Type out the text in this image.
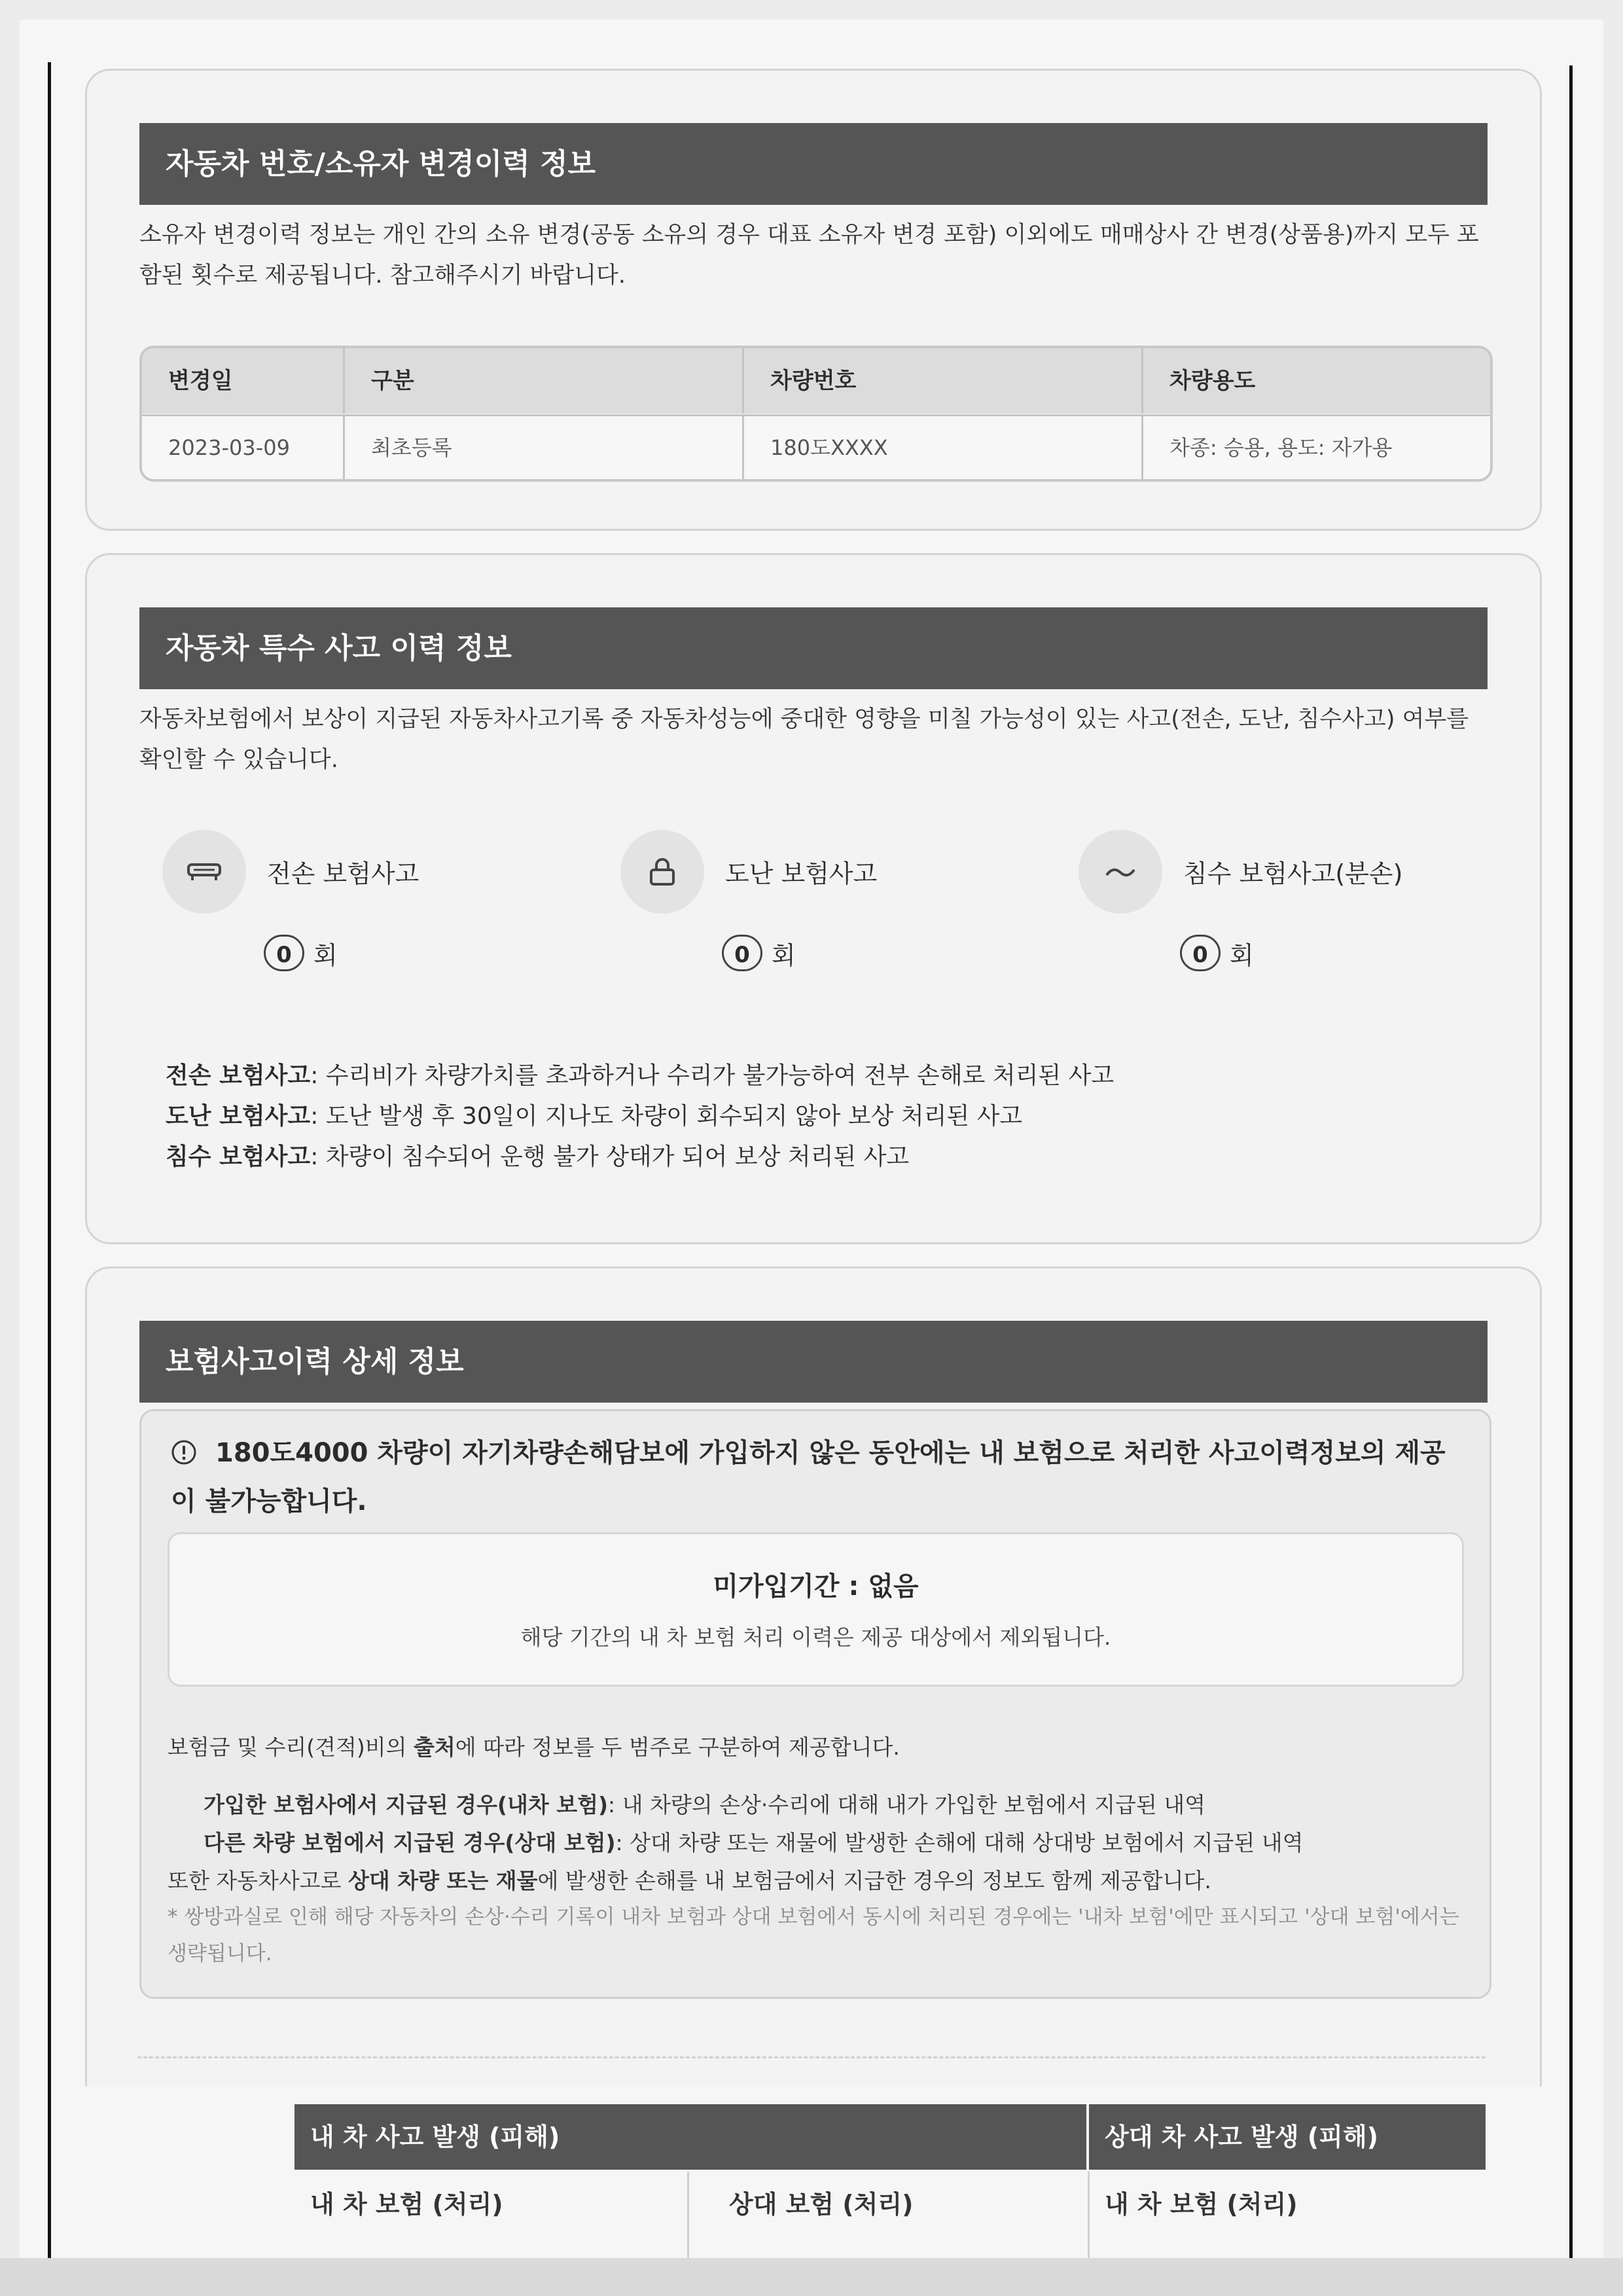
자동차 번호/소유자 변경이력 정보
소유자 변경이력 정보는 개인 간의 소유 변경(공동 소유의 경우 대표 소유자 변경 포함) 이외에도 매매상사 간 변경(상품용)까지 모두 포함된 횟수로 제공됩니다. 참고해주시기 바랍니다.
변경일	구분	차량번호	차량용도
2023-03-09	최초등록	180도XXXX	차종: 승용, 용도: 자가용
자동차 특수 사고 이력 정보
자동차보험에서 보상이 지급된 자동차사고기록 중 자동차성능에 중대한 영향을 미칠 가능성이 있는 사고(전손, 도난, 침수사고) 여부를 확인할 수 있습니다.
전손 보험사고
0 회
도난 보험사고
0 회
침수 보험사고(분손)
0 회
전손 보험사고: 수리비가 차량가치를 초과하거나 수리가 불가능하여 전부 손해로 처리된 사고
도난 보험사고: 도난 발생 후 30일이 지나도 차량이 회수되지 않아 보상 처리된 사고
침수 보험사고: 차량이 침수되어 운행 불가 상태가 되어 보상 처리된 사고
보험사고이력 상세 정보
180도4000 차량이 자기차량손해담보에 가입하지 않은 동안에는 내 보험으로 처리한 사고이력정보의 제공이 불가능합니다.
미가입기간 : 없음
해당 기간의 내 차 보험 처리 이력은 제공 대상에서 제외됩니다.
보험금 및 수리(견적)비의 출처에 따라 정보를 두 범주로 구분하여 제공합니다.
가입한 보험사에서 지급된 경우(내차 보험): 내 차량의 손상·수리에 대해 내가 가입한 보험에서 지급된 내역
다른 차량 보험에서 지급된 경우(상대 보험): 상대 차량 또는 재물에 발생한 손해에 대해 상대방 보험에서 지급된 내역
또한 자동차사고로 상대 차량 또는 재물에 발생한 손해를 내 보험금에서 지급한 경우의 정보도 함께 제공합니다.
* 쌍방과실로 인해 해당 자동차의 손상·수리 기록이 내차 보험과 상대 보험에서 동시에 처리된 경우에는 '내차 보험'에만 표시되고 '상대 보험'에서는 생략됩니다.
내 차 사고 발생 (피해)	상대 차 사고 발생 (피해)
내 차 보험 (처리)	상대 보험 (처리)	내 차 보험 (처리)
